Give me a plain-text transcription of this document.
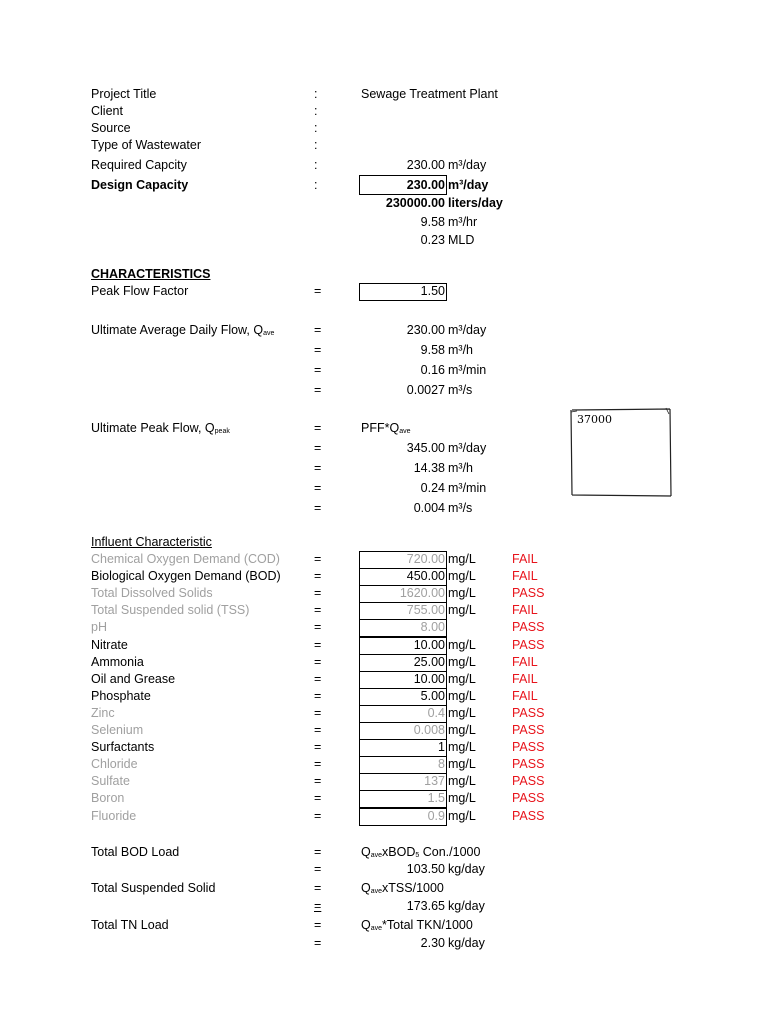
Project Title	:	Sewage Treatment Plant
Client	:
Source	:
Type of Wastewater	:
Required Capcity	:	230.00 m³/day
Design Capacity	:	230.00 m³/day
230000.00 liters/day
9.58 m³/hr
0.23 MLD
CHARACTERISTICS
Peak Flow Factor	=	1.50
Ultimate Average Daily Flow, $Q_{ave}$	=	230.00 m³/day
=	9.58 m³/h
=	0.16 m³/min
=	0.0027 m³/s
Ultimate Peak Flow, $Q_{peak}$	=	$PFF*Q_{ave}$
=	345.00 m³/day
=	14.38 m³/h
=	0.24 m³/min
=	0.004 m³/s
37000
Influent Characteristic
Chemical Oxygen Demand (COD)	=	720.00 mg/L	FAIL
Biological Oxygen Demand (BOD)	=	450.00 mg/L	FAIL
Total Dissolved Solids	=	1620.00 mg/L	PASS
Total Suspended solid (TSS)	=	755.00 mg/L	FAIL
pH	=	8.00	PASS
Nitrate	=	10.00 mg/L	PASS
Ammonia	=	25.00 mg/L	FAIL
Oil and Grease	=	10.00 mg/L	FAIL
Phosphate	=	5.00 mg/L	FAIL
Zinc	=	0.4 mg/L	PASS
Selenium	=	0.008 mg/L	PASS
Surfactants	=	1 mg/L	PASS
Chloride	=	8 mg/L	PASS
Sulfate	=	137 mg/L	PASS
Boron	=	1.5 mg/L	PASS
Fluoride	=	0.9 mg/L	PASS
Total BOD Load	=	$Q_{ave}xBOD_5$ Con./1000
=	103.50 kg/day
Total Suspended Solid	=	$Q_{ave}xTSS/1000$
=	173.65 kg/day
Total TN Load	=	$Q_{ave}*Total$ TKN/1000
=	2.30 kg/day
